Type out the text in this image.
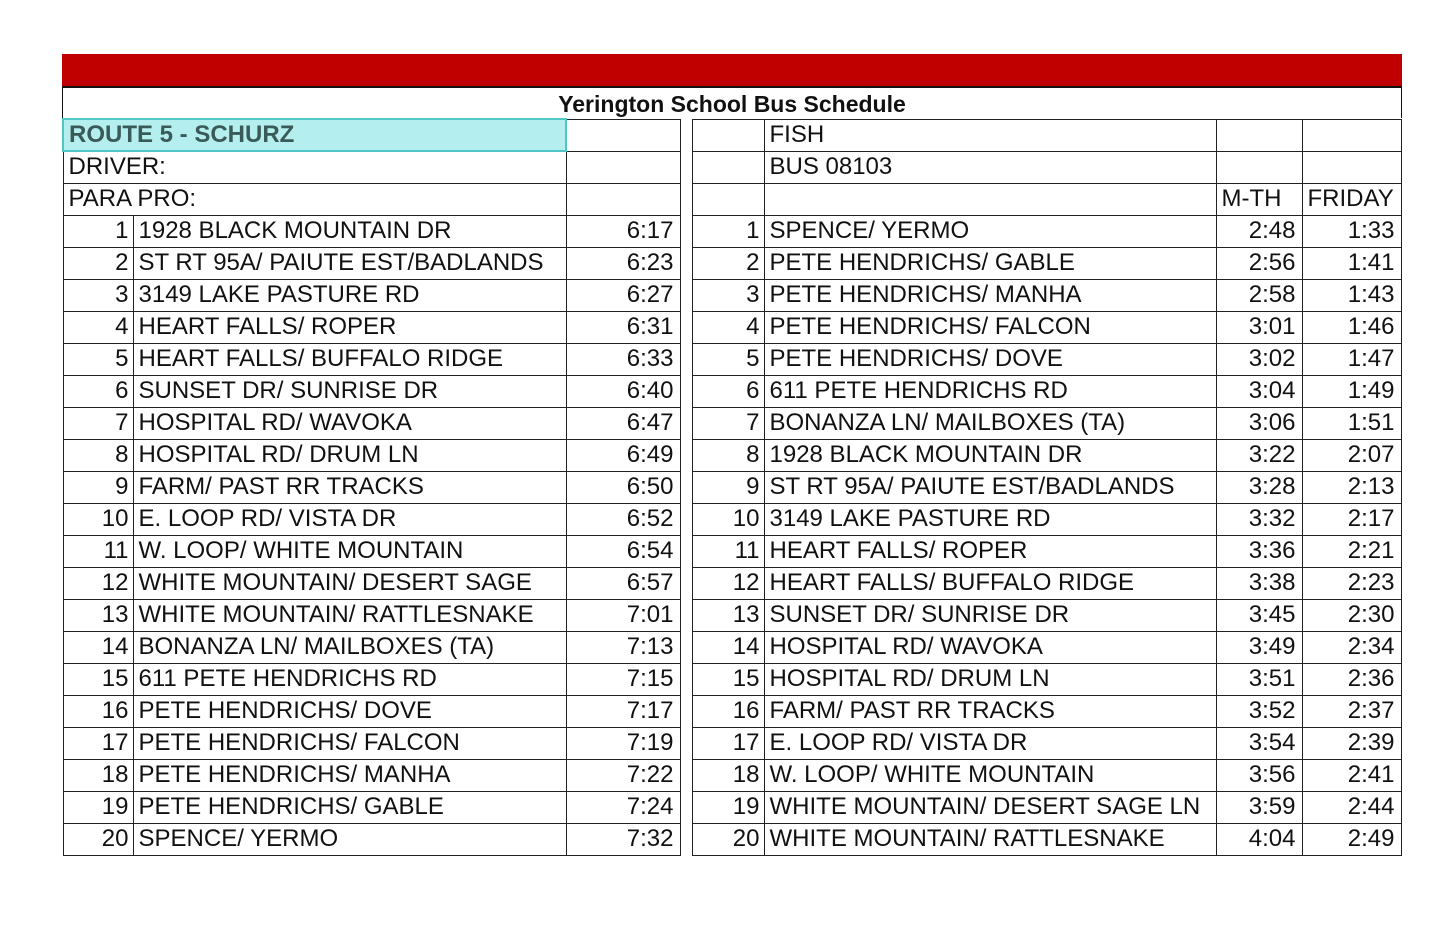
Yerington School Bus Schedule
ROUTE 5 - SCHURZ					FISH		
DRIVER:					BUS 08103		
PARA PRO:						M-TH	FRIDAY
1	1928 BLACK MOUNTAIN DR	6:17		1	SPENCE/ YERMO	2:48	1:33
2	ST RT 95A/ PAIUTE EST/BADLANDS	6:23		2	PETE HENDRICHS/ GABLE	2:56	1:41
3	3149 LAKE PASTURE RD	6:27		3	PETE HENDRICHS/ MANHA	2:58	1:43
4	HEART FALLS/ ROPER	6:31		4	PETE HENDRICHS/ FALCON	3:01	1:46
5	HEART FALLS/ BUFFALO RIDGE	6:33		5	PETE HENDRICHS/ DOVE	3:02	1:47
6	SUNSET DR/ SUNRISE DR	6:40		6	611 PETE HENDRICHS RD	3:04	1:49
7	HOSPITAL RD/ WAVOKA	6:47		7	BONANZA LN/ MAILBOXES (TA)	3:06	1:51
8	HOSPITAL RD/ DRUM LN	6:49		8	1928 BLACK MOUNTAIN DR	3:22	2:07
9	FARM/ PAST RR TRACKS	6:50		9	ST RT 95A/ PAIUTE EST/BADLANDS	3:28	2:13
10	E. LOOP RD/ VISTA DR	6:52		10	3149 LAKE PASTURE RD	3:32	2:17
11	W. LOOP/ WHITE MOUNTAIN	6:54		11	HEART FALLS/ ROPER	3:36	2:21
12	WHITE MOUNTAIN/ DESERT SAGE	6:57		12	HEART FALLS/ BUFFALO RIDGE	3:38	2:23
13	WHITE MOUNTAIN/ RATTLESNAKE	7:01		13	SUNSET DR/ SUNRISE DR	3:45	2:30
14	BONANZA LN/ MAILBOXES (TA)	7:13		14	HOSPITAL RD/ WAVOKA	3:49	2:34
15	611 PETE HENDRICHS RD	7:15		15	HOSPITAL RD/ DRUM LN	3:51	2:36
16	PETE HENDRICHS/ DOVE	7:17		16	FARM/ PAST RR TRACKS	3:52	2:37
17	PETE HENDRICHS/ FALCON	7:19		17	E. LOOP RD/ VISTA DR	3:54	2:39
18	PETE HENDRICHS/ MANHA	7:22		18	W. LOOP/ WHITE MOUNTAIN	3:56	2:41
19	PETE HENDRICHS/ GABLE	7:24		19	WHITE MOUNTAIN/ DESERT SAGE LN	3:59	2:44
20	SPENCE/ YERMO	7:32		20	WHITE MOUNTAIN/ RATTLESNAKE	4:04	2:49
